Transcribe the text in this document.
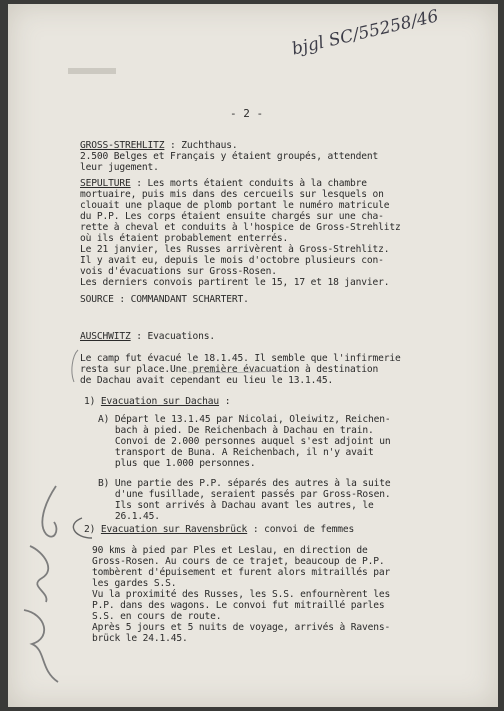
bjgl SC/55258/46
- 2 -
GROSS-STREHLITZ : Zuchthaus.
2.500 Belges et Français y étaient groupés, attendent
leur jugement.
SEPULTURE : Les morts étaient conduits à la chambre
mortuaire, puis mis dans des cercueils sur lesquels on
clouait une plaque de plomb portant le numéro matricule
du P.P. Les corps étaient ensuite chargés sur une cha-
rette à cheval et conduits à l'hospice de Gross-Strehlitz
où ils étaient probablement enterrés.
Le 21 janvier, les Russes arrivèrent à Gross-Strehlitz.
Il y avait eu, depuis le mois d'octobre plusieurs con-
vois d'évacuations sur Gross-Rosen.
Les derniers convois partirent le 15, 17 et 18 janvier.
SOURCE : COMMANDANT SCHARTERT.
AUSCHWITZ : Evacuations.
Le camp fut évacué le 18.1.45. Il semble que l'infirmerie
resta sur place.Une première évacuation à destination
de Dachau avait cependant eu lieu le 13.1.45.
1) Evacuation sur Dachau :
A) Départ le 13.1.45 par Nicolai, Oleiwitz, Reichen-
bach à pied. De Reichenbach à Dachau en train.
Convoi de 2.000 personnes auquel s'est adjoint un
transport de Buna. A Reichenbach, il n'y avait
plus que 1.000 personnes.
B) Une partie des P.P. séparés des autres à la suite
d'une fusillade, seraient passés par Gross-Rosen.
Ils sont arrivés à Dachau avant les autres, le
26.1.45.
2) Evacuation sur Ravensbrück : convoi de femmes
90 kms à pied par Ples et Leslau, en direction de
Gross-Rosen. Au cours de ce trajet, beaucoup de P.P.
tombèrent d'épuisement et furent alors mitraillés par
les gardes S.S.
Vu la proximité des Russes, les S.S. enfournèrent les
P.P. dans des wagons. Le convoi fut mitraillé parles
S.S. en cours de route.
Après 5 jours et 5 nuits de voyage, arrivés à Ravens-
brück le 24.1.45.
